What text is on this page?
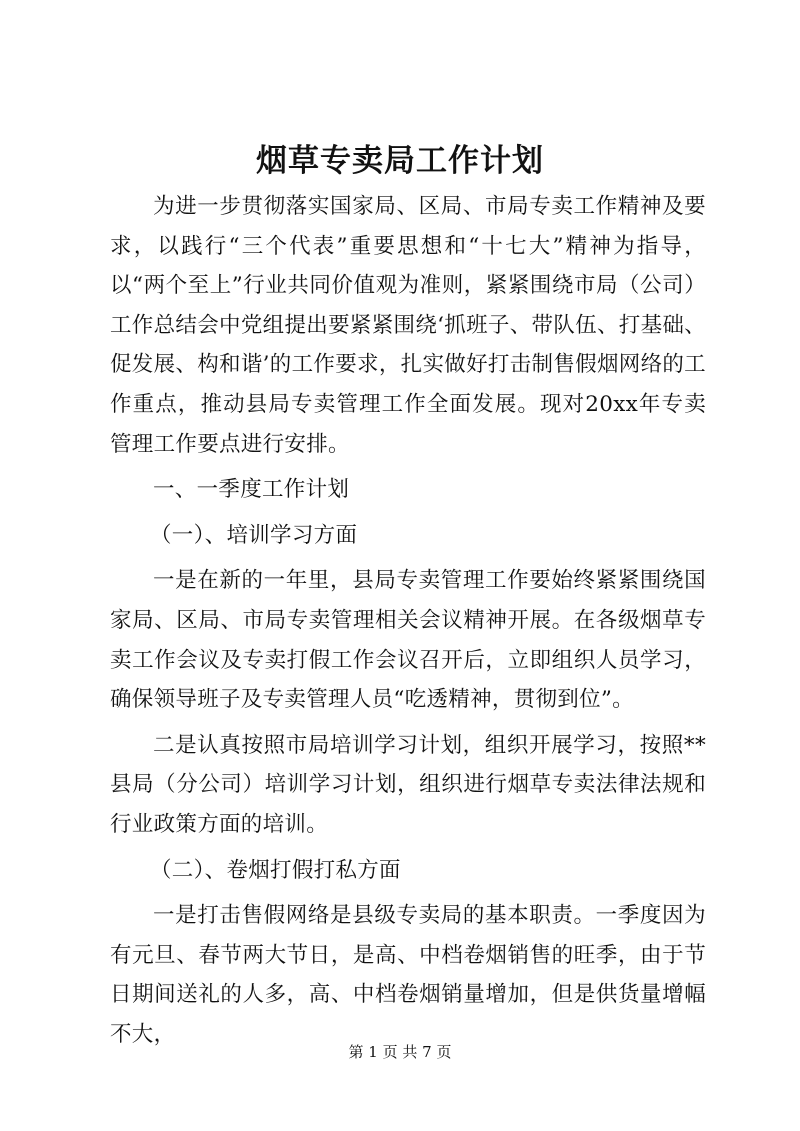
烟草专卖局工作计划

为进一步贯彻落实国家局、区局、市局专卖工作精神及要求，以践行“三个代表”重要思想和“十七大”精神为指导，以“两个至上”行业共同价值观为准则，紧紧围绕市局（公司）工作总结会中党组提出要紧紧围绕‘抓班子、带队伍、打基础、促发展、构和谐’的工作要求，扎实做好打击制售假烟网络的工作重点，推动县局专卖管理工作全面发展。现对20xx年专卖管理工作要点进行安排。

一、一季度工作计划

（一）、培训学习方面

一是在新的一年里，县局专卖管理工作要始终紧紧围绕国家局、区局、市局专卖管理相关会议精神开展。在各级烟草专卖工作会议及专卖打假工作会议召开后，立即组织人员学习，确保领导班子及专卖管理人员“吃透精神，贯彻到位”。

二是认真按照市局培训学习计划，组织开展学习，按照**县局（分公司）培训学习计划，组织进行烟草专卖法律法规和行业政策方面的培训。

（二）、卷烟打假打私方面

一是打击售假网络是县级专卖局的基本职责。一季度因为有元旦、春节两大节日，是高、中档卷烟销售的旺季，由于节日期间送礼的人多，高、中档卷烟销量增加，但是供货量增幅不大，

第 1 页 共 7 页
